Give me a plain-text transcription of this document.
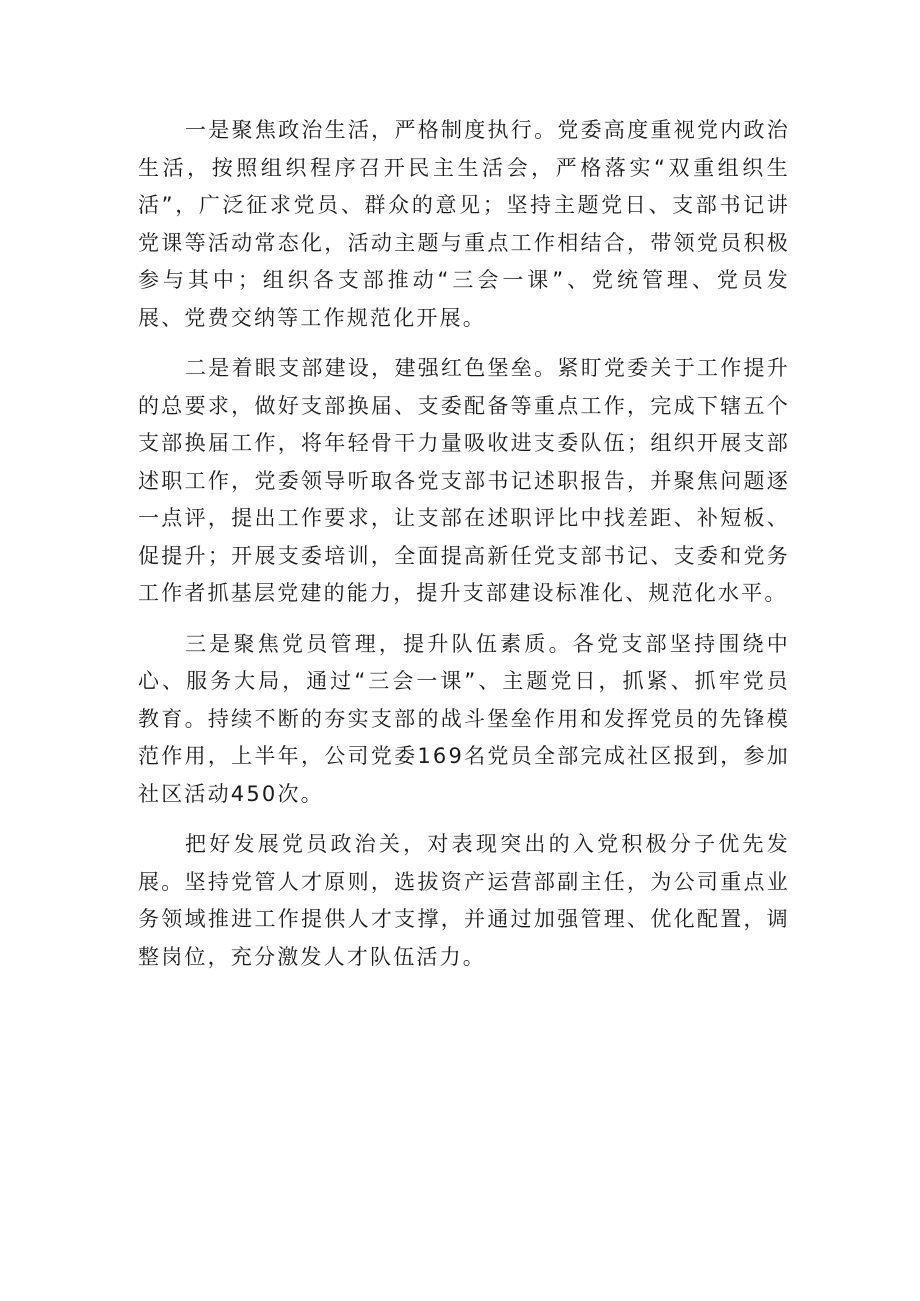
一是聚焦政治生活，严格制度执行。党委高度重视党内政治生活，按照组织程序召开民主生活会，严格落实“双重组织生活”，广泛征求党员、群众的意见；坚持主题党日、支部书记讲党课等活动常态化，活动主题与重点工作相结合，带领党员积极参与其中；组织各支部推动“三会一课”、党统管理、党员发展、党费交纳等工作规范化开展。

二是着眼支部建设，建强红色堡垒。紧盯党委关于工作提升的总要求，做好支部换届、支委配备等重点工作，完成下辖五个支部换届工作，将年轻骨干力量吸收进支委队伍；组织开展支部述职工作，党委领导听取各党支部书记述职报告，并聚焦问题逐一点评，提出工作要求，让支部在述职评比中找差距、补短板、促提升；开展支委培训，全面提高新任党支部书记、支委和党务工作者抓基层党建的能力，提升支部建设标准化、规范化水平。

三是聚焦党员管理，提升队伍素质。各党支部坚持围绕中心、服务大局，通过“三会一课”、主题党日，抓紧、抓牢党员教育。持续不断的夯实支部的战斗堡垒作用和发挥党员的先锋模范作用，上半年，公司党委169名党员全部完成社区报到，参加社区活动450次。

把好发展党员政治关，对表现突出的入党积极分子优先发展。坚持党管人才原则，选拔资产运营部副主任，为公司重点业务领域推进工作提供人才支撑，并通过加强管理、优化配置，调整岗位，充分激发人才队伍活力。
